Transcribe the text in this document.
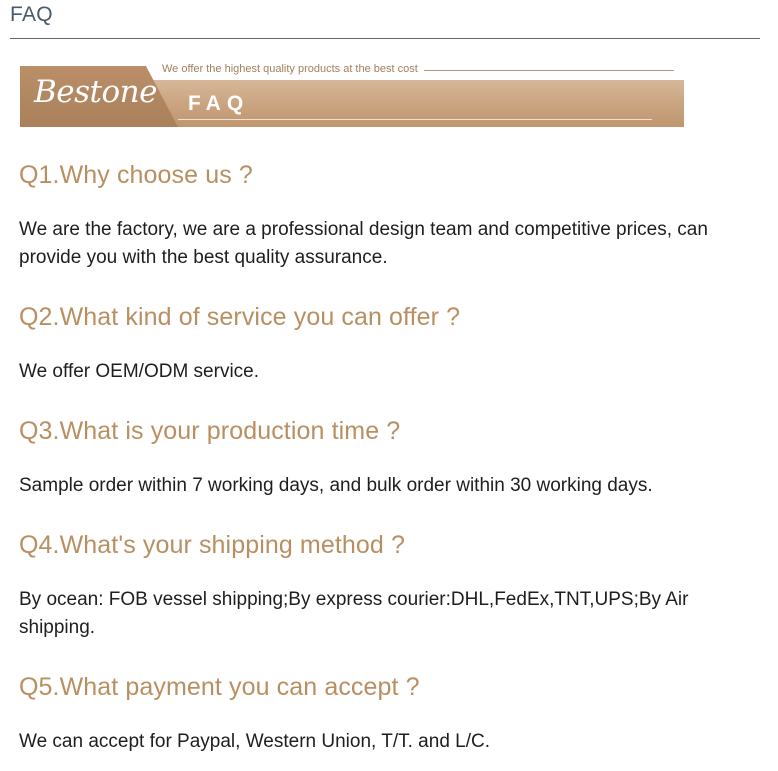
FAQ
We offer the highest quality products at the best cost
Bestone FAQ
Q1.Why choose us ?
We are the factory, we are a professional design team and competitive prices, can provide you with the best quality assurance.
Q2.What kind of service you can offer ?
We offer OEM/ODM service.
Q3.What is your production time ?
Sample order within 7 working days, and bulk order within 30 working days.
Q4.What's your shipping method ?
By ocean: FOB vessel shipping;By express courier:DHL,FedEx,TNT,UPS;By Air shipping.
Q5.What payment you can accept ?
We can accept for Paypal, Western Union, T/T. and L/C.
